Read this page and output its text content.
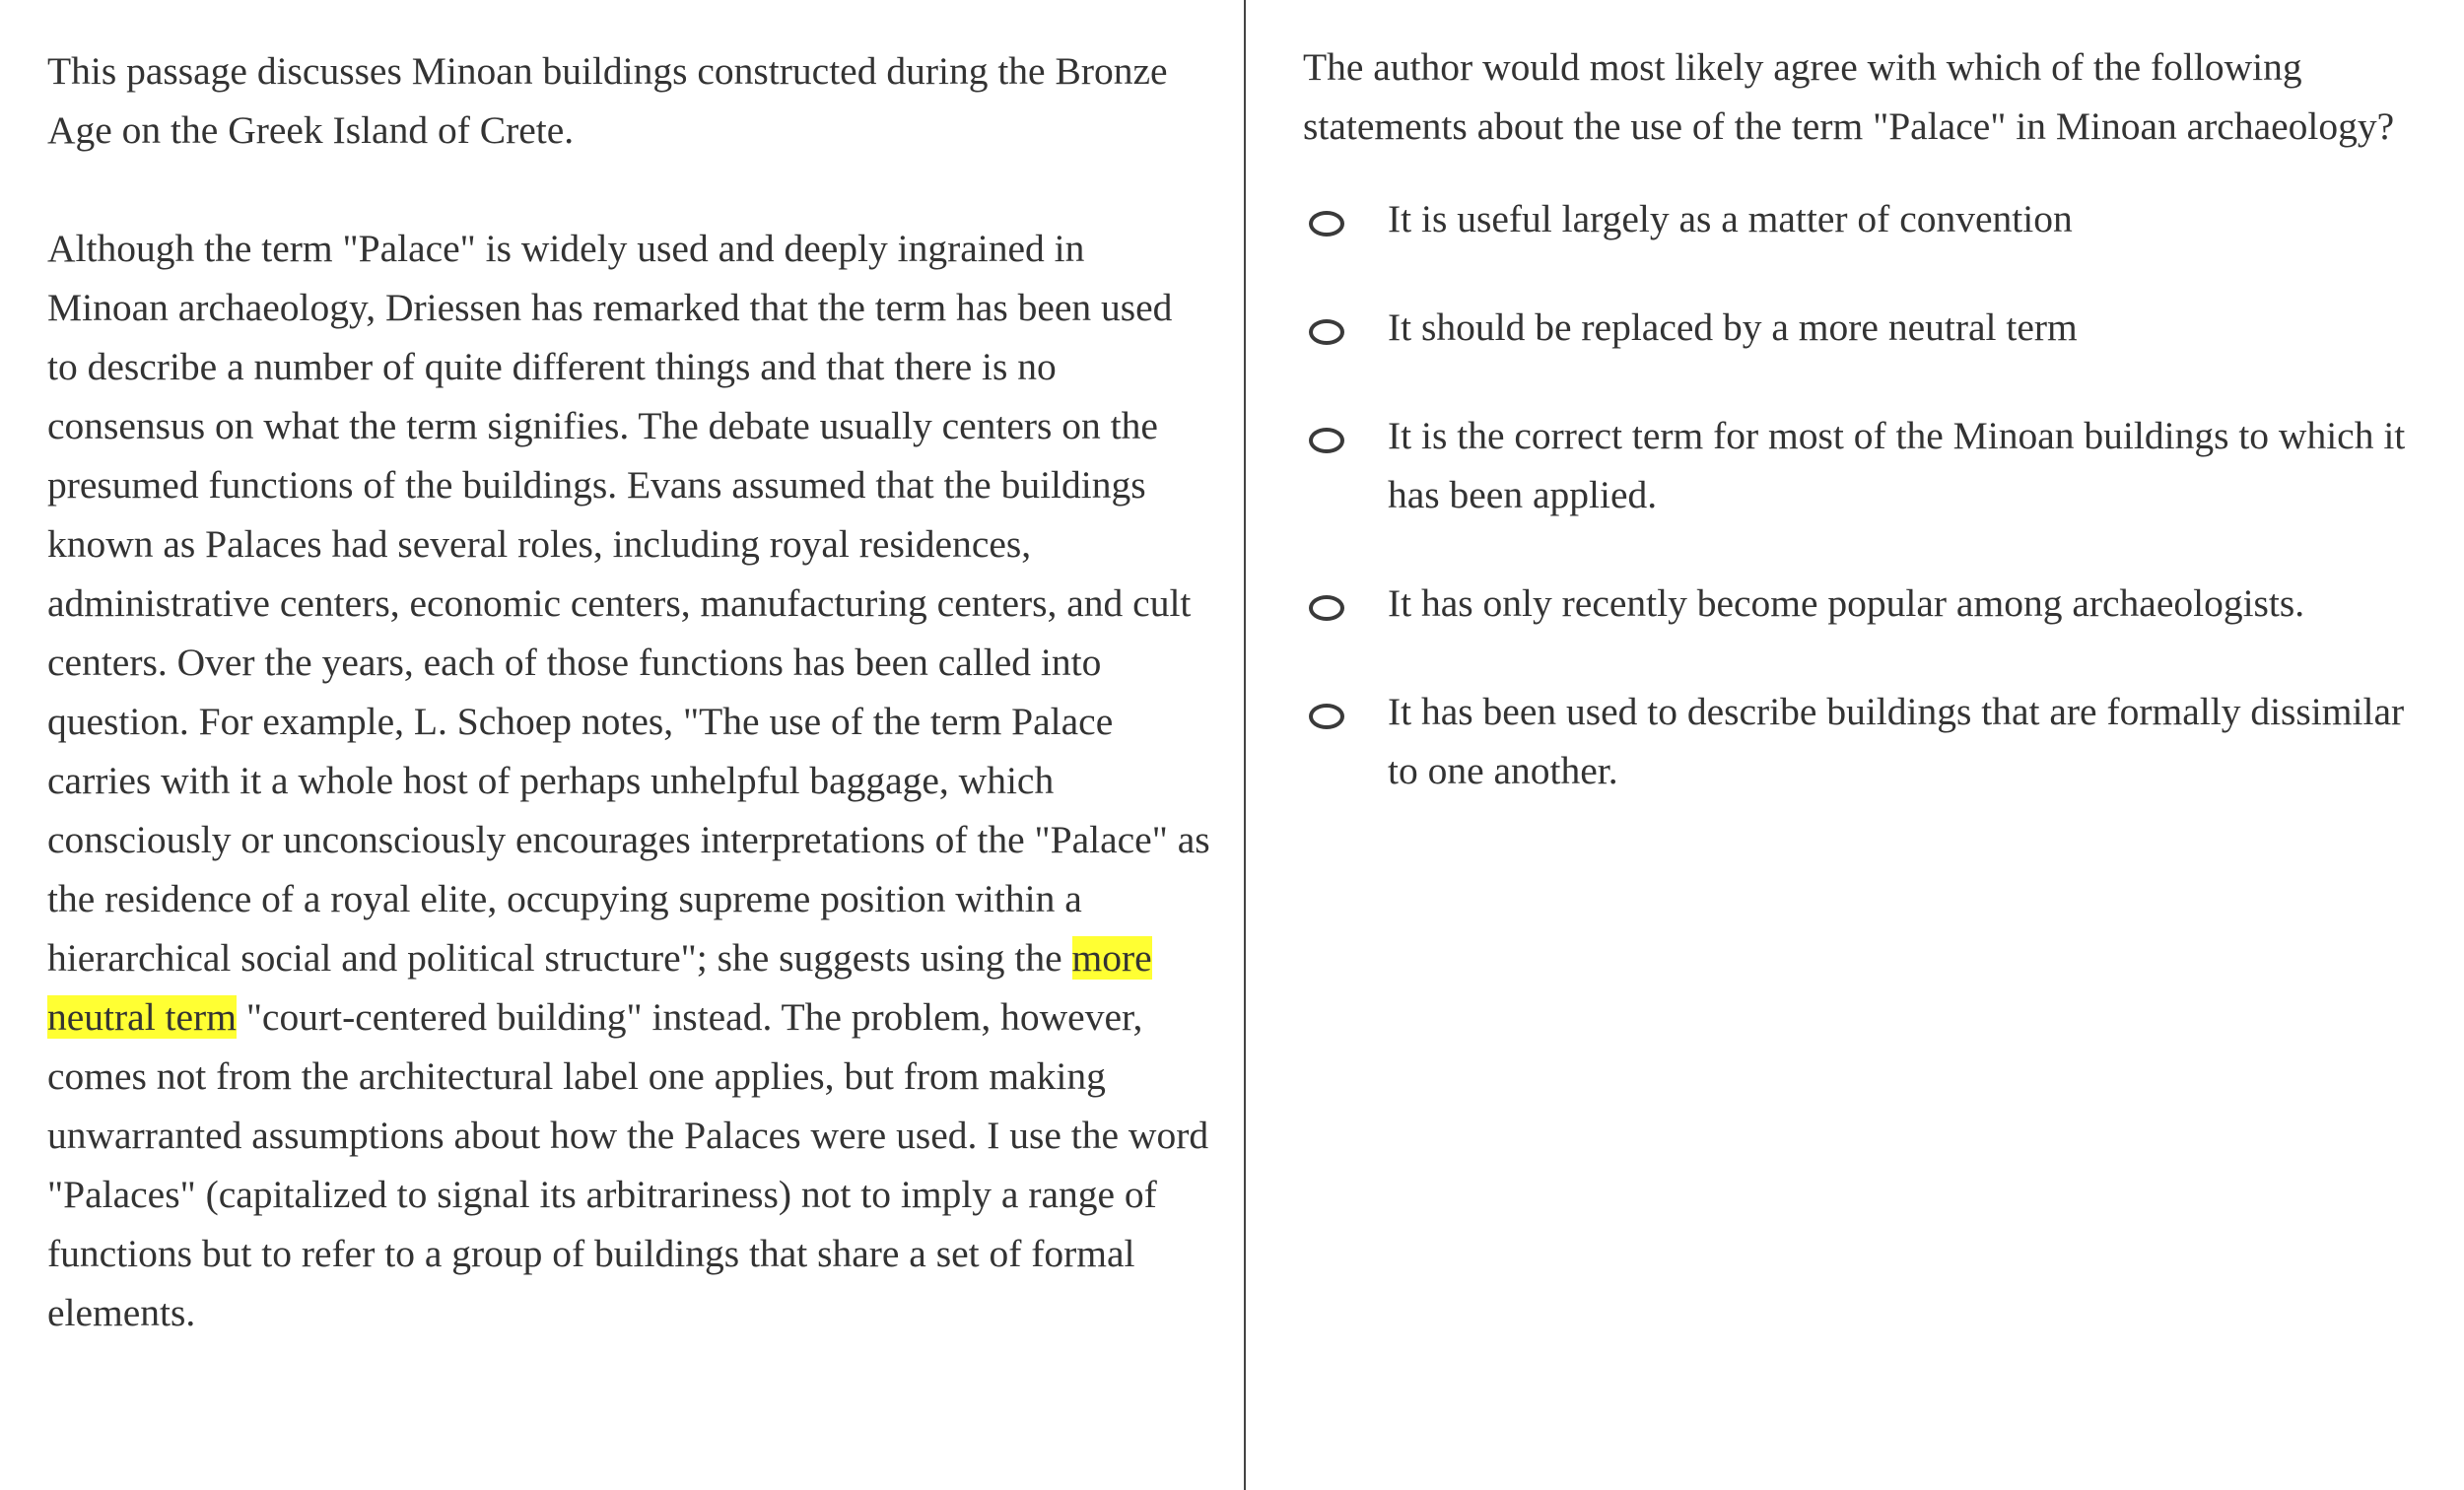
This passage discusses Minoan buildings constructed during the Bronze Age on the Greek Island of Crete.

Although the term "Palace" is widely used and deeply ingrained in Minoan archaeology, Driessen has remarked that the term has been used to describe a number of quite different things and that there is no consensus on what the term signifies. The debate usually centers on the presumed functions of the buildings. Evans assumed that the buildings known as Palaces had several roles, including royal residences, administrative centers, economic centers, manufacturing centers, and cult centers. Over the years, each of those functions has been called into question. For example, L. Schoep notes, "The use of the term Palace carries with it a whole host of perhaps unhelpful baggage, which consciously or unconsciously encourages interpretations of the "Palace" as the residence of a royal elite, occupying supreme position within a hierarchical social and political structure"; she suggests using the more neutral term "court-centered building" instead. The problem, however, comes not from the architectural label one applies, but from making unwarranted assumptions about how the Palaces were used. I use the word "Palaces" (capitalized to signal its arbitrariness) not to imply a range of functions but to refer to a group of buildings that share a set of formal elements.

The author would most likely agree with which of the following statements about the use of the term "Palace" in Minoan archaeology?

It is useful largely as a matter of convention
It should be replaced by a more neutral term
It is the correct term for most of the Minoan buildings to which it has been applied.
It has only recently become popular among archaeologists.
It has been used to describe buildings that are formally dissimilar to one another.
